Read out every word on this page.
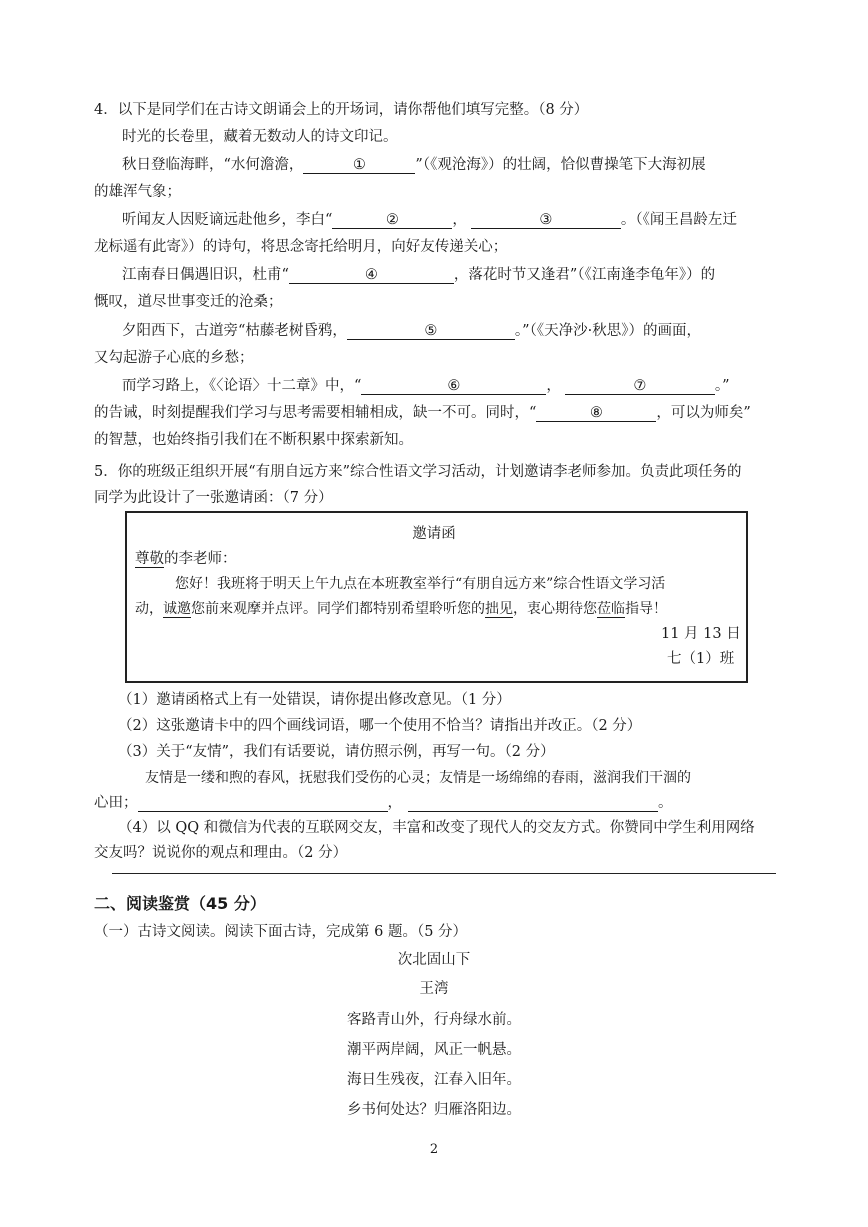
4．以下是同学们在古诗文朗诵会上的开场词，请你帮他们填写完整。（8 分）
时光的长卷里，藏着无数动人的诗文印记。
秋日登临海畔，“水何澹澹，	①	”（《观沧海》）的壮阔，恰似曹操笔下大海初展
的雄浑气象；
听闻友人因贬谪远赴他乡，李白“	②	，	③	。（《闻王昌龄左迁
龙标遥有此寄》）的诗句，将思念寄托给明月，向好友传递关心；
江南春日偶遇旧识，杜甫“	④	，落花时节又逢君”（《江南逢李龟年》）的
慨叹，道尽世事变迁的沧桑；
夕阳西下，古道旁“枯藤老树昏鸦，	⑤	。”（《天净沙·秋思》）的画面，
又勾起游子心底的乡愁；
而学习路上，《〈论语〉十二章》中，“	⑥	，	⑦	。”
的告诫，时刻提醒我们学习与思考需要相辅相成，缺一不可。同时，“	⑧	，可以为师矣”
的智慧，也始终指引我们在不断积累中探索新知。
5．你的班级正组织开展“有朋自远方来”综合性语文学习活动，计划邀请李老师参加。负责此项任务的
同学为此设计了一张邀请函：（7 分）
邀请函
尊敬的李老师：
您好！我班将于明天上午九点在本班教室举行“有朋自远方来”综合性语文学习活
动，诚邀您前来观摩并点评。同学们都特别希望聆听您的拙见，衷心期待您莅临指导！
11 月 13 日
七（1）班
（1）邀请函格式上有一处错误，请你提出修改意见。（1 分）
（2）这张邀请卡中的四个画线词语，哪一个使用不恰当？请指出并改正。（2 分）
（3）关于“友情”，我们有话要说，请仿照示例，再写一句。（2 分）
友情是一缕和煦的春风，抚慰我们受伤的心灵；友情是一场绵绵的春雨，滋润我们干涸的
心田；	，	。
（4）以 QQ 和微信为代表的互联网交友，丰富和改变了现代人的交友方式。你赞同中学生利用网络
交友吗？说说你的观点和理由。（2 分）
二、阅读鉴赏（45 分）
（一）古诗文阅读。阅读下面古诗，完成第 6 题。（5 分）
次北固山下
王湾
客路青山外，行舟绿水前。
潮平两岸阔，风正一帆悬。
海日生残夜，江春入旧年。
乡书何处达？归雁洛阳边。
2
